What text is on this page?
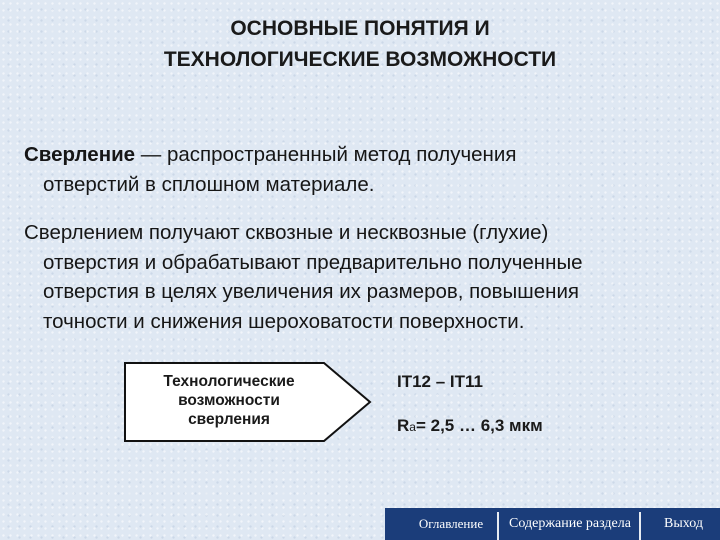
ОСНОВНЫЕ ПОНЯТИЯ И
ТЕХНОЛОГИЧЕСКИЕ ВОЗМОЖНОСТИ
Сверление — распространенный метод получения
отверстий в сплошном материале.
Сверлением получают сквозные и несквозные (глухие)
отверстия и обрабатывают предварительно полученные
отверстия в целях увеличения их размеров, повышения
точности и снижения шероховатости поверхности.
Технологические
возможности
сверления
IT12 – IT11
Ra= 2,5 … 6,3 мкм
Оглавление	Содержание раздела	Выход
